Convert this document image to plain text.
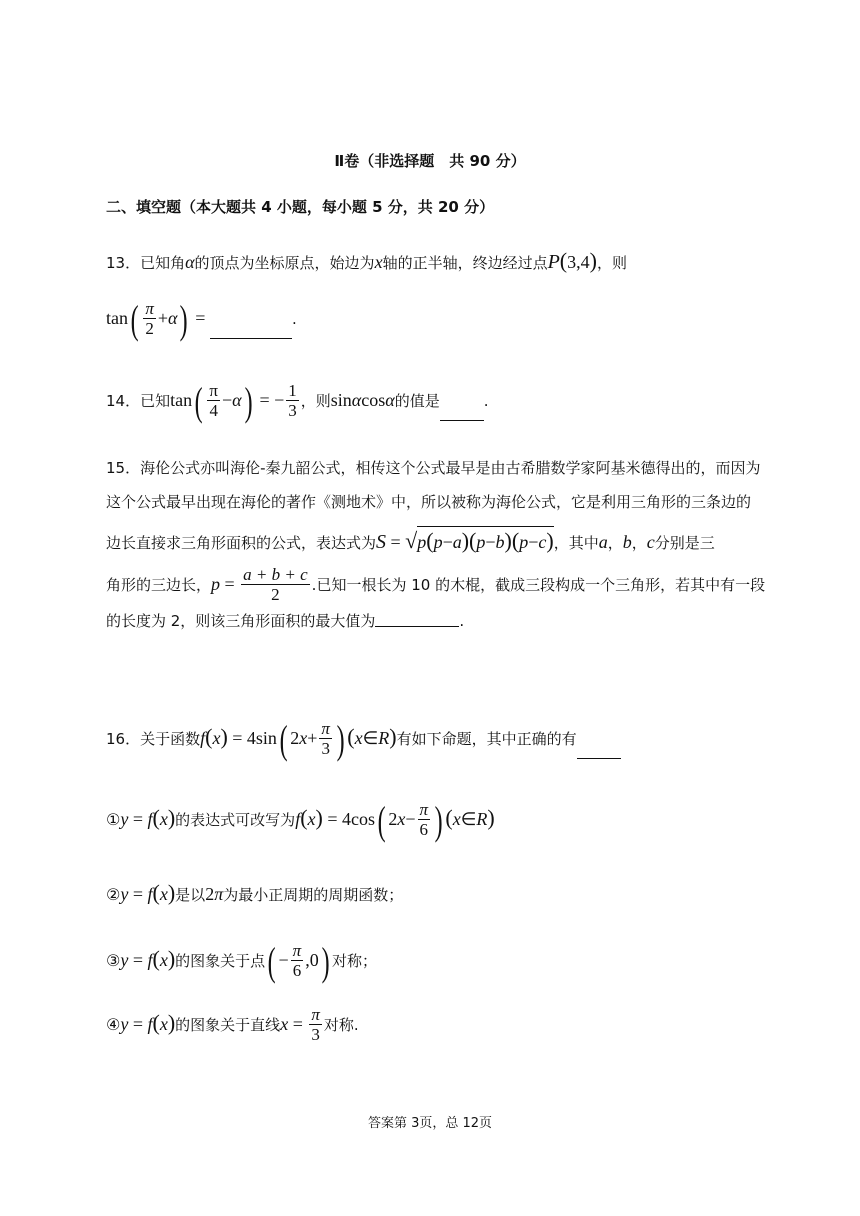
Ⅱ卷（非选择题　共 90 分）
二、填空题（本大题共 4 小题，每小题 5 分，共 20 分）
13．已知角α的顶点为坐标原点，始边为x轴的正半轴，终边经过点P(3,4)，则
$\tan( \frac{\pi}{2} +\alpha)$ =	.
14．已知$\tan( \frac{\pi}{4} -\alpha)$ = − $\frac{1}{3}$ ，则sinαcosα的值是	.
15．海伦公式亦叫海伦-秦九韶公式，相传这个公式最早是由古希腊数学家阿基米德得出的，而因为
这个公式最早出现在海伦的著作《测地术》中，所以被称为海伦公式，它是利用三角形的三条边的
边长直接求三角形面积的公式，表达式为S = √p(p−a)(p−b)(p−c)，其中a，b，c分别是三
角形的三边长，$p = \frac{a + b + c}{2}$ .已知一根长为 10 的木棍，截成三段构成一个三角形，若其中有一段
的长度为 2，则该三角形面积的最大值为	.
16．关于函数f(x) = 4sin( $2x+ \frac{\pi}{3}$ ) (x∈R)有如下命题，其中正确的有
①y = f(x)的表达式可改写为f(x) = 4cos( $2x- \frac{\pi}{6}$ ) (x∈R)
②y = f(x)是以2π为最小正周期的周期函数；
③y = f(x)的图象关于点( − $\frac{\pi}{6} ,0$) 对称；
④y = f(x)的图象关于直线$x = \frac{\pi}{3}$ 对称.
答案第 3页，总 12页
